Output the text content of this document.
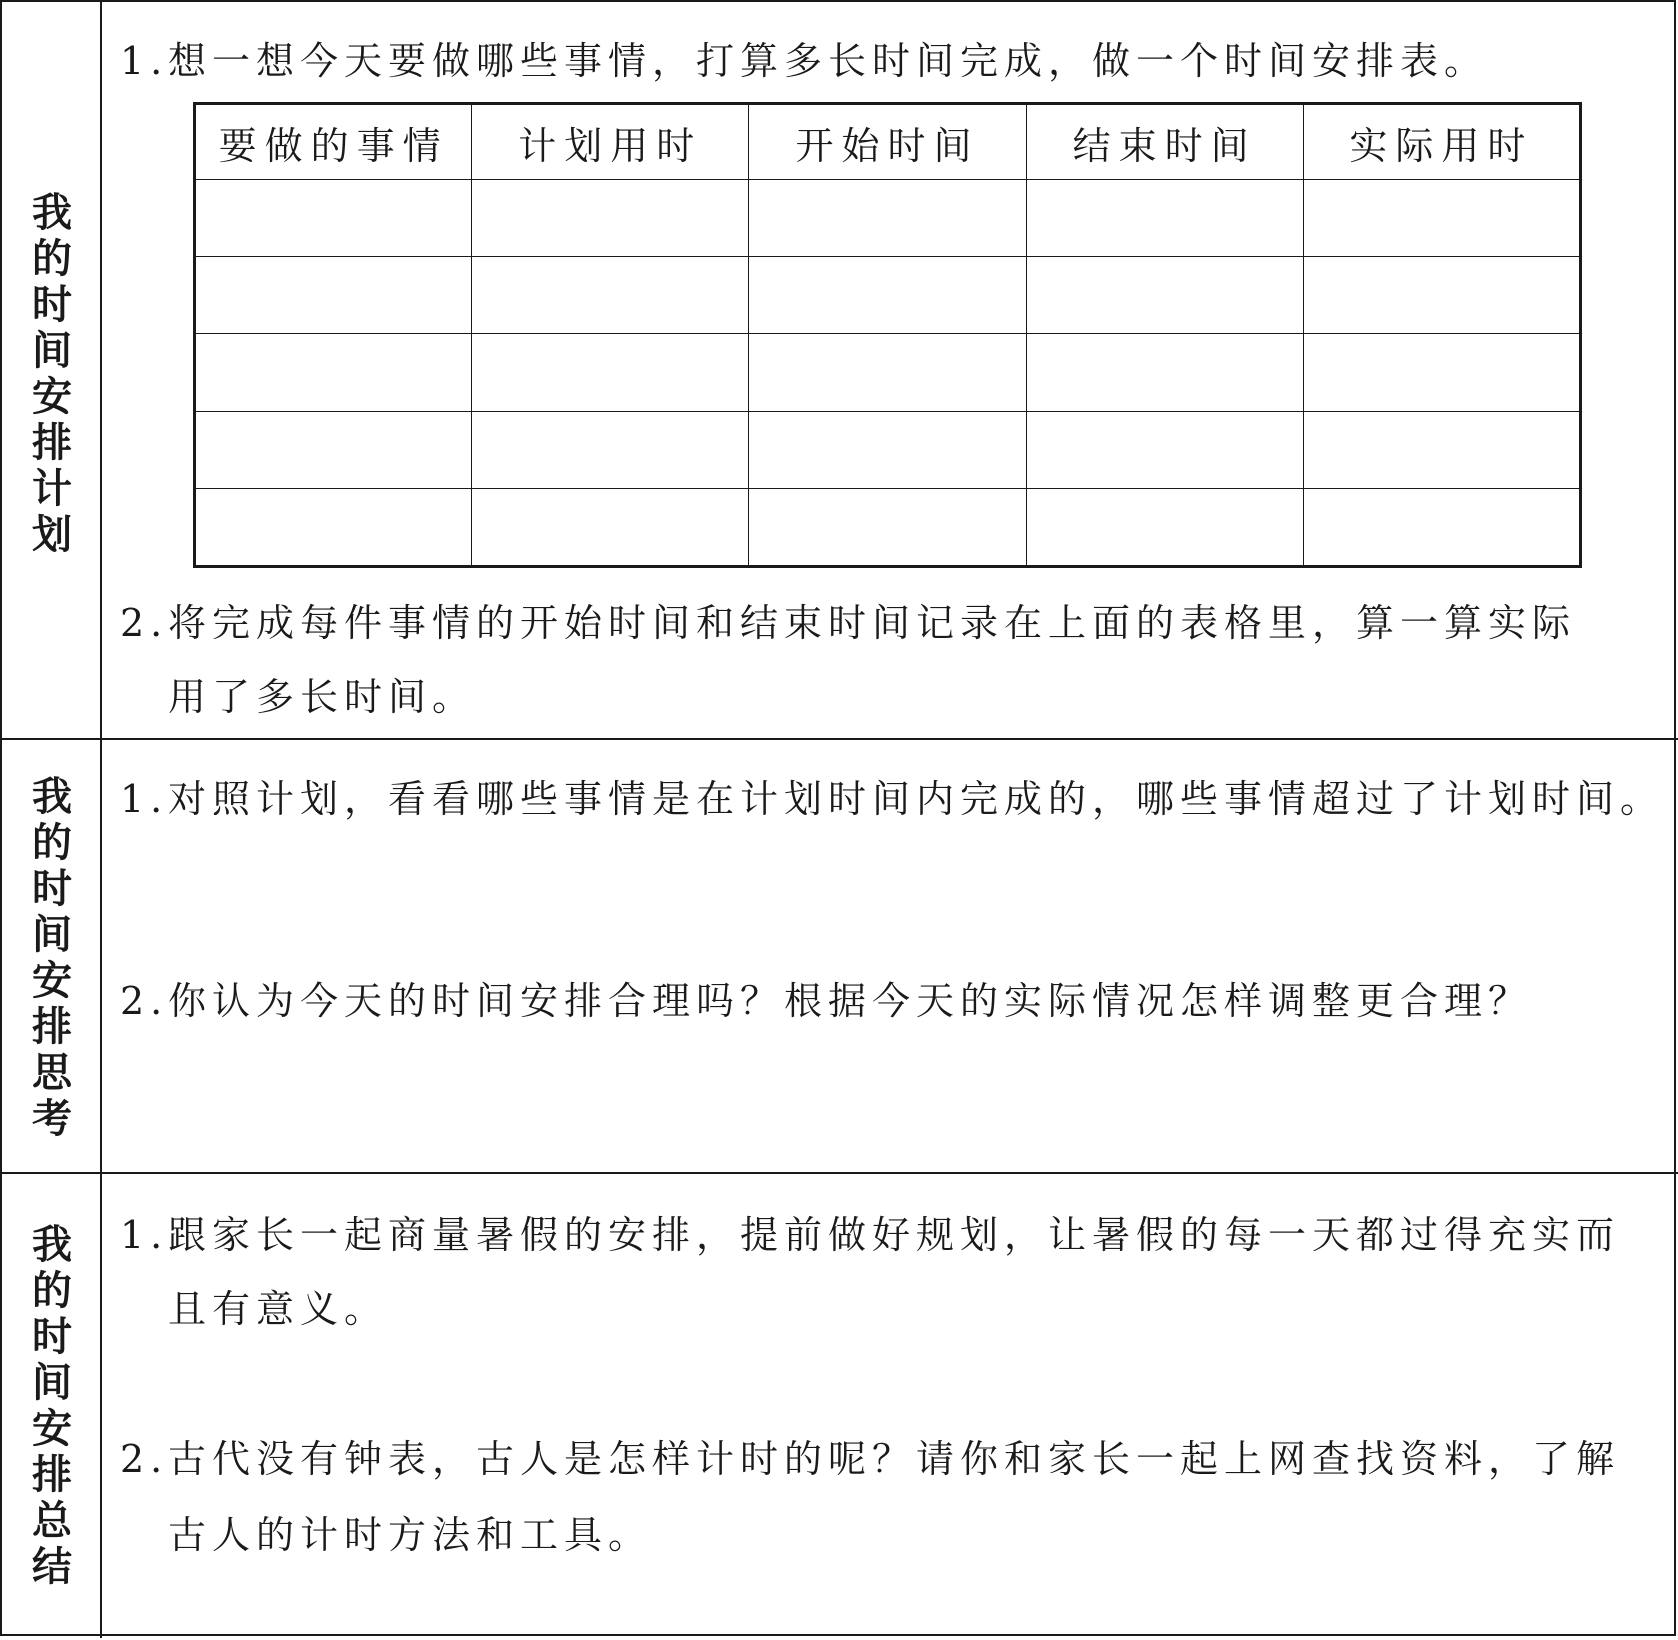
我
的
时
间
安
排
计
划
1.想一想今天要做哪些事情，打算多长时间完成，做一个时间安排表。
要做的事情	计划用时	开始时间	结束时间	实际用时

2.将完成每件事情的开始时间和结束时间记录在上面的表格里，算一算实际
用了多长时间。
我
的
时
间
安
排
思
考
1.对照计划，看看哪些事情是在计划时间内完成的，哪些事情超过了计划时间。
2.你认为今天的时间安排合理吗？根据今天的实际情况怎样调整更合理？
我
的
时
间
安
排
总
结
1.跟家长一起商量暑假的安排，提前做好规划，让暑假的每一天都过得充实而
且有意义。
2.古代没有钟表，古人是怎样计时的呢？请你和家长一起上网查找资料，了解
古人的计时方法和工具。
